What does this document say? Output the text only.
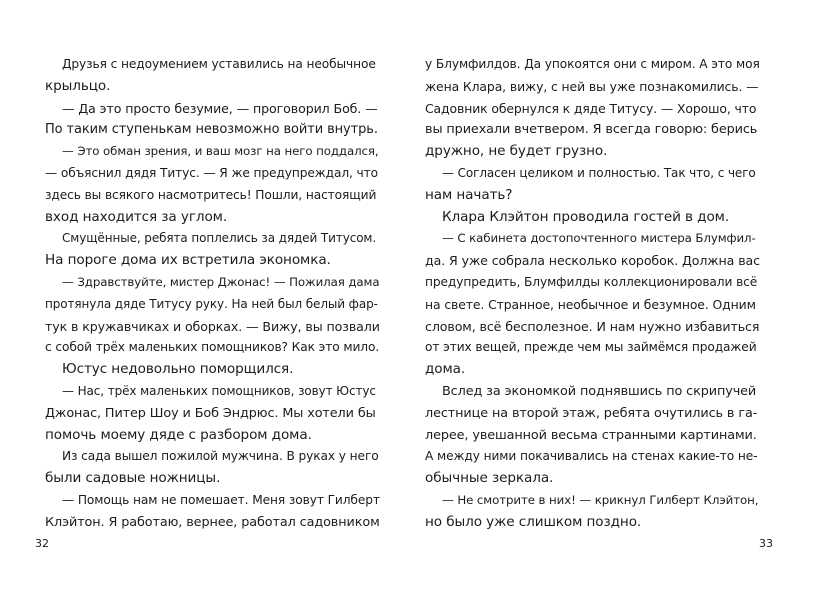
Друзья с недоумением уставились на необычное
крыльцо.
— Да это просто безумие, — проговорил Боб. —
По таким ступенькам невозможно войти внутрь.
— Это обман зрения, и ваш мозг на него поддался,
— объяснил дядя Титус. — Я же предупреждал, что
здесь вы всякого насмотритесь! Пошли, настоящий
вход находится за углом.
Смущённые, ребята поплелись за дядей Титусом.
На пороге дома их встретила экономка.
— Здравствуйте, мистер Джонас! — Пожилая дама
протянула дяде Титусу руку. На ней был белый фар-
тук в кружавчиках и оборках. — Вижу, вы позвали
с собой трёх маленьких помощников? Как это мило.
Юстус недовольно поморщился.
— Нас, трёх маленьких помощников, зовут Юстус
Джонас, Питер Шоу и Боб Эндрюс. Мы хотели бы
помочь моему дяде с разбором дома.
Из сада вышел пожилой мужчина. В руках у него
были садовые ножницы.
— Помощь нам не помешает. Меня зовут Гилберт
Клэйтон. Я работаю, вернее, работал садовником
у Блумфилдов. Да упокоятся они с миром. А это моя
жена Клара, вижу, с ней вы уже познакомились. —
Садовник обернулся к дяде Титусу. — Хорошо, что
вы приехали вчетвером. Я всегда говорю: берись
дружно, не будет грузно.
— Согласен целиком и полностью. Так что, с чего
нам начать?
Клара Клэйтон проводила гостей в дом.
— С кабинета достопочтенного мистера Блумфил-
да. Я уже собрала несколько коробок. Должна вас
предупредить, Блумфилды коллекционировали всё
на свете. Странное, необычное и безумное. Одним
словом, всё бесполезное. И нам нужно избавиться
от этих вещей, прежде чем мы займёмся продажей
дома.
Вслед за экономкой поднявшись по скрипучей
лестнице на второй этаж, ребята очутились в га-
лерее, увешанной весьма странными картинами.
А между ними покачивались на стенах какие-то не-
обычные зеркала.
— Не смотрите в них! — крикнул Гилберт Клэйтон,
но было уже слишком поздно.
32	33
